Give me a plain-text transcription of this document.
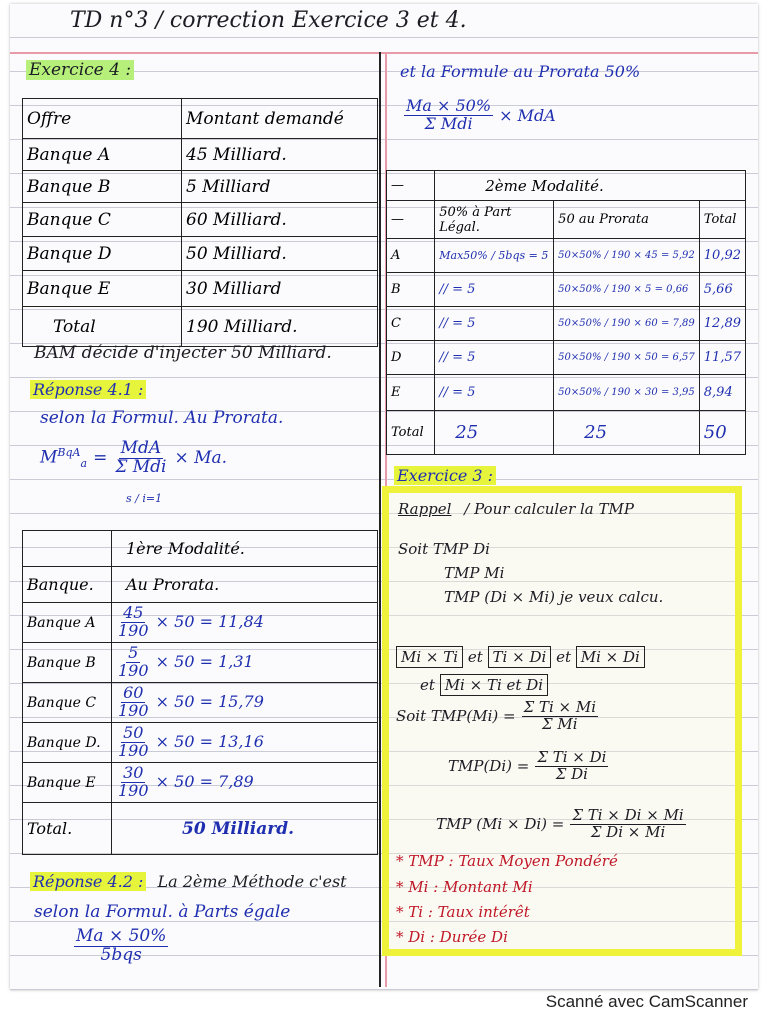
TD n°3 / correction Exercice 3 et 4.
Exercice 4 :
Offre	Montant demandé
Banque A	45 Milliard.
Banque B	5 Milliard
Banque C	60 Milliard.
Banque D	50 Milliard.
Banque E	30 Milliard
Total	190 Milliard.
BAM décide d'injecter 50 Milliard.
Réponse 4.1 :
selon la Formul. Au Prorata.
$M^{BqA}_a = \frac{\text{MdA}}{\text{Σ Mdi}} \times Ma$.
s / i=1
	1ère Modalité.
Banque.	Au Prorata.
Banque A	$\frac{45}{190} \times 50 = 11,84$
Banque B	$\frac{5}{190} \times 50 = 1,31$
Banque C	$\frac{60}{190} \times 50 = 15,79$
Banque D.	$\frac{50}{190} \times 50 = 13,16$
Banque E	$\frac{30}{190} \times 50 = 7,89$
Total.	50 Milliard.
Réponse 4.2 : La 2ème Méthode c'est
selon la Formul. à Parts égale
$\frac{Ma \times 50\%}{\text{5bqs}}$
et la Formule au Prorata 50%
$\frac{Ma \times 50\%}{\text{Σ Mdi}}$ × MdA
—	2ème Modalité.		
—	50% à Part Légal.	50 au Prorata	Total
A	Max50% / 5bqs = 5	50×50% / 190 × 45 = 5,92	10,92
B	// = 5	50×50% / 190 × 5 = 0,66	5,66
C	// = 5	50×50% / 190 × 60 = 7,89	12,89
D	// = 5	50×50% / 190 × 50 = 6,57	11,57
E	// = 5	50×50% / 190 × 30 = 3,95	8,94
Total	25	25	50
Exercice 3 :
Rappel / Pour calculer la TMP
Soit TMP Di
TMP Mi
TMP (Di × Mi) je veux calcu.
Mi × Ti et Ti × Di et Mi × Di
et Mi × Ti et Di
Soit $TMP(Mi) = \frac{\text{Σ Ti × Mi}}{\text{Σ Mi}}$
$TMP(Di) = \frac{\text{Σ Ti × Di}}{\text{Σ Di}}$
TMP $(Mi \times Di) = \frac{\text{Σ Ti × Di × Mi}}{\text{Σ Di × Mi}}$
* TMP : Taux Moyen Pondéré
* Mi : Montant Mi
* Ti : Taux intérêt
* Di : Durée Di
Scanné avec CamScanner
